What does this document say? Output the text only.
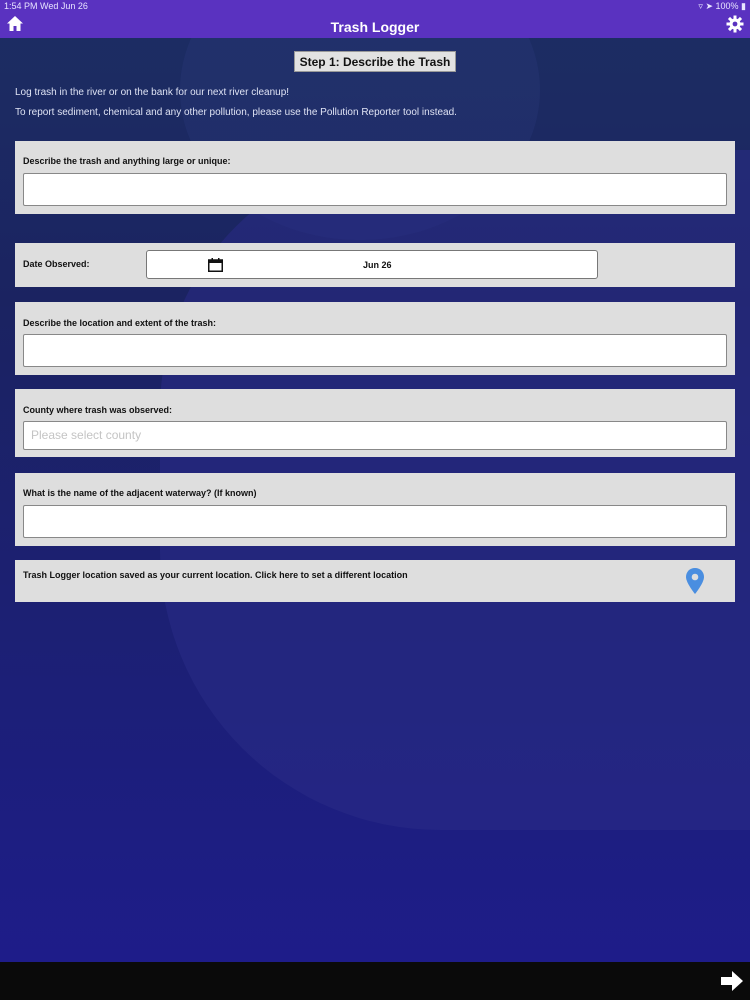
1:54 PM Wed Jun 26	▿ ➤ 100% ▮
Trash Logger
Step 1: Describe the Trash
Log trash in the river or on the bank for our next river cleanup!
To report sediment, chemical and any other pollution, please use the Pollution Reporter tool instead.
Describe the trash and anything large or unique:
Date Observed:	Jun 26
Describe the location and extent of the trash:
County where trash was observed:
Please select county
What is the name of the adjacent waterway? (If known)
Trash Logger location saved as your current location. Click here to set a different location
